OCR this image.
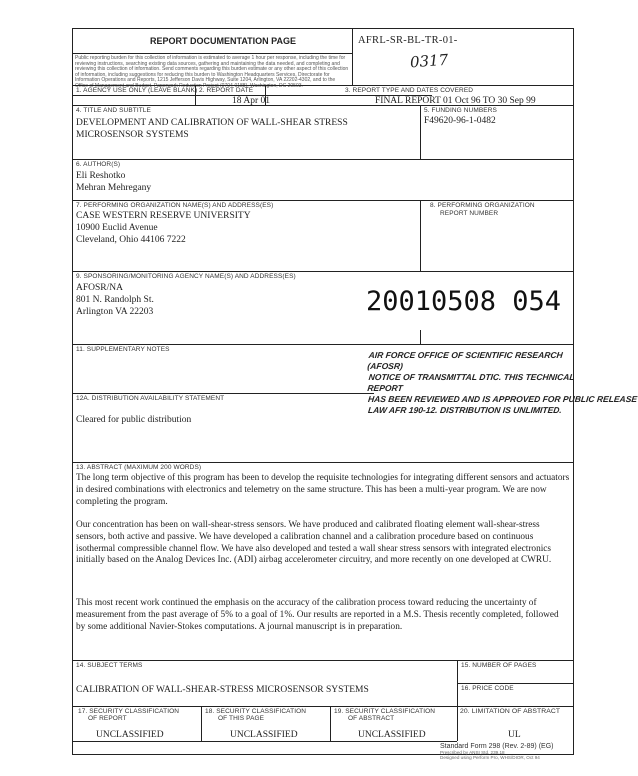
REPORT DOCUMENTATION PAGE	AFRL-SR-BL-TR-01-
0317
Public reporting burden for this collection of information is estimated to average 1 hour per response, including the time for reviewing instructions, searching existing data sources, gathering and maintaining the data needed, and completing and reviewing this collection of information. Send comments regarding this burden estimate or any other aspect of this collection of information, including suggestions for reducing this burden to Washington Headquarters Services, Directorate for Information Operations and Reports, 1215 Jefferson Davis Highway, Suite 1204, Arlington, VA 22202-4302, and to the Office of Management and Budget, Paperwork Reduction Project (0704-0188), Washington, DC 20503.
1. AGENCY USE ONLY (LEAVE BLANK) 2. REPORT DATE
18 Apr 01
3. REPORT TYPE AND DATES COVERED
FINAL REPORT 01 Oct 96 TO 30 Sep 99
4. TITLE AND SUBTITLE
DEVELOPMENT AND CALIBRATION OF WALL-SHEAR STRESS
MICROSENSOR SYSTEMS
5. FUNDING NUMBERS
F49620-96-1-0482
6. AUTHOR(S)
Eli Reshotko
Mehran Mehregany
7. PERFORMING ORGANIZATION NAME(S) AND ADDRESS(ES)
CASE WESTERN RESERVE UNIVERSITY
10900 Euclid Avenue
Cleveland, Ohio 44106 7222
8. PERFORMING ORGANIZATION
REPORT NUMBER
9. SPONSORING/MONITORING AGENCY NAME(S) AND ADDRESS(ES)
AFOSR/NA
801 N. Randolph St.
Arlington VA 22203	20010508 054
11. SUPPLEMENTARY NOTES
AIR FORCE OFFICE OF SCIENTIFIC RESEARCH (AFOSR)
NOTICE OF TRANSMITTAL DTIC. THIS TECHNICAL REPORT
HAS BEEN REVIEWED AND IS APPROVED FOR PUBLIC RELEASE
LAW AFR 190-12. DISTRIBUTION IS UNLIMITED.
12A. DISTRIBUTION AVAILABILITY STATEMENT
Cleared for public distribution
13. ABSTRACT (MAXIMUM 200 WORDS)
The long term objective of this program has been to develop the requisite technologies for integrating different sensors and actuators in desired combinations with electronics and telemetry on the same structure. This has been a multi-year program. We are now completing the program.
Our concentration has been on wall-shear-stress sensors. We have produced and calibrated floating element wall-shear-stress sensors, both active and passive. We have developed a calibration channel and a calibration procedure based on continuous isothermal compressible channel flow. We have also developed and tested a wall shear stress sensors with integrated electronics initially based on the Analog Devices Inc. (ADI) airbag accelerometer circuitry, and more recently on one developed at CWRU.
This most recent work continued the emphasis on the accuracy of the calibration process toward reducing the uncertainty of measurement from the past average of 5% to a goal of 1%. Our results are reported in a M.S. Thesis recently completed, followed by some additional Navier-Stokes computations. A journal manuscript is in preparation.
14. SUBJECT TERMS
CALIBRATION OF WALL-SHEAR-STRESS MICROSENSOR SYSTEMS
15. NUMBER OF PAGES
16. PRICE CODE
17. SECURITY CLASSIFICATION
OF REPORT
UNCLASSIFIED
18. SECURITY CLASSIFICATION
OF THIS PAGE
UNCLASSIFIED
19. SECURITY CLASSIFICATION
OF ABSTRACT
UNCLASSIFIED
20. LIMITATION OF ABSTRACT
UL
Standard Form 298 (Rev. 2-89) (EG)
Prescribed by ANSI Std. 239.18
Designed using Perform Pro, WHS/DIOR, Oct 94
